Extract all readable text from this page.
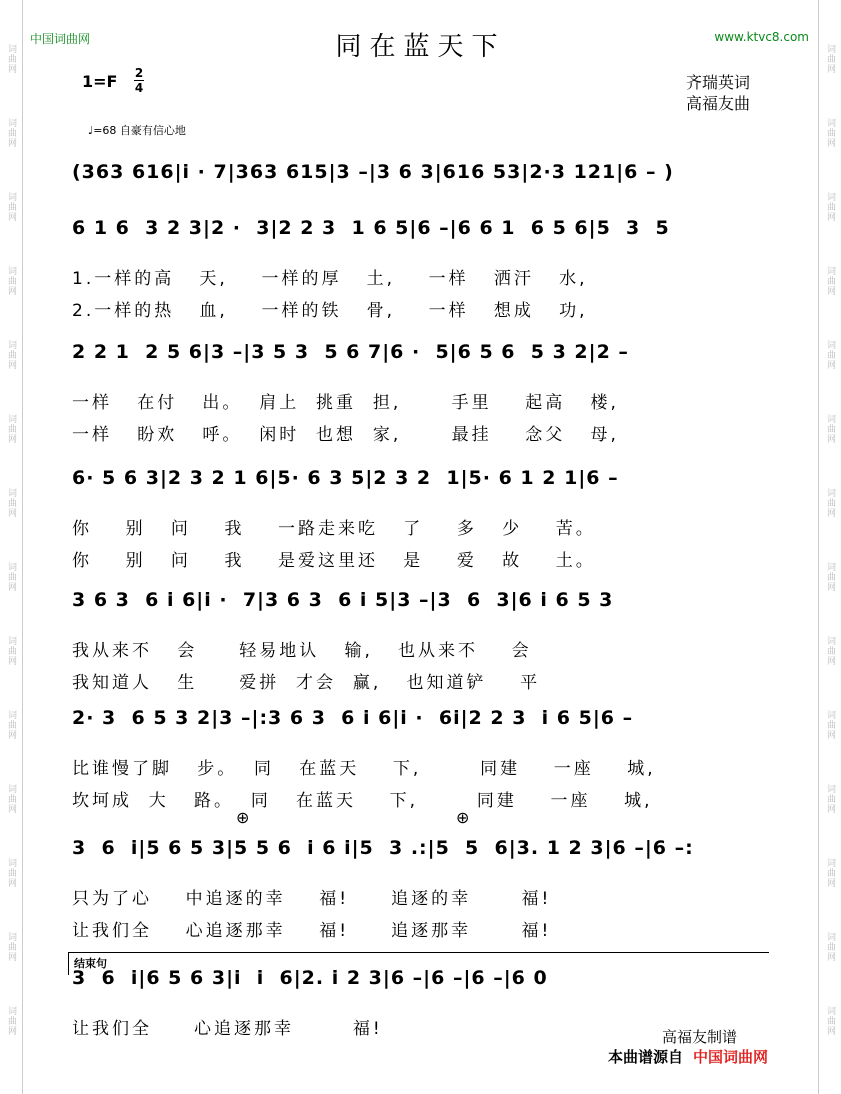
词曲网
词曲网
词曲网
词曲网
词曲网
词曲网
词曲网
词曲网
词曲网
词曲网
词曲网
词曲网
词曲网
词曲网
词曲网
词曲网
词曲网
词曲网
词曲网
词曲网
词曲网
词曲网
词曲网
词曲网
词曲网
词曲网
词曲网
词曲网
中国词曲网	同在蓝天下	www.ktvc8.com
1=F 2
4	齐瑞英词
高福友曲
♩=68 自豪有信心地
(363 616|i · 7|363 615|3 –|3 6 3|616 53|2·3 121|6 – )
6 1 6  3 2 3|2 ·  3|2 2 3  1 6 5|6 –|6 6 1  6 5 6|5  3  5
1.一样的高   天,    一样的厚   土,    一样   洒汗   水,
2.一样的热   血,    一样的铁   骨,    一样   想成   功,
2 2 1  2 5 6|3 –|3 5 3  5 6 7|6 ·  5|6 5 6  5 3 2|2 –
一样   在付   出。  肩上  挑重  担,      手里    起高   楼,
一样   盼欢   呼。  闲时  也想  家,      最挂    念父   母,
6· 5 6 3|2 3 2 1 6|5· 6 3 5|2 3 2  1|5· 6 1 2 1|6 –
你    别   问    我    一路走来吃   了    多   少    苦。
你    别   问    我    是爱这里还   是    爱   故    土。
3 6 3  6 i 6|i ·  7|3 6 3  6 i 5|3 –|3  6  3|6 i 6 5 3
我从来不   会     轻易地认   输,   也从来不    会
我知道人   生     爱拼  才会  赢,   也知道铲    平
2· 3  6 5 3 2|3 –|:3 6 3  6 i 6|i ·  6i|2 2 3  i 6 5|6 –
比谁慢了脚   步。  同   在蓝天    下,       同建    一座    城,
坎坷成  大   路。  同   在蓝天    下,       同建    一座    城,
3  6  i|5 6 5 3|5 5 6  i 6 i|5  3 .:|5  5  6|3. 1 2 3|6 –|6 –:
只为了心    中追逐的幸    福!     追逐的幸      福!
让我们全    心追逐那幸    福!     追逐那幸      福!
3  6  i|6 5 6 3|i  i  6|2. i 2 3|6 –|6 –|6 –|6 0
让我们全     心追逐那幸       福!
结束句
⊕	⊕
高福友制谱
本曲谱源自 中国词曲网
